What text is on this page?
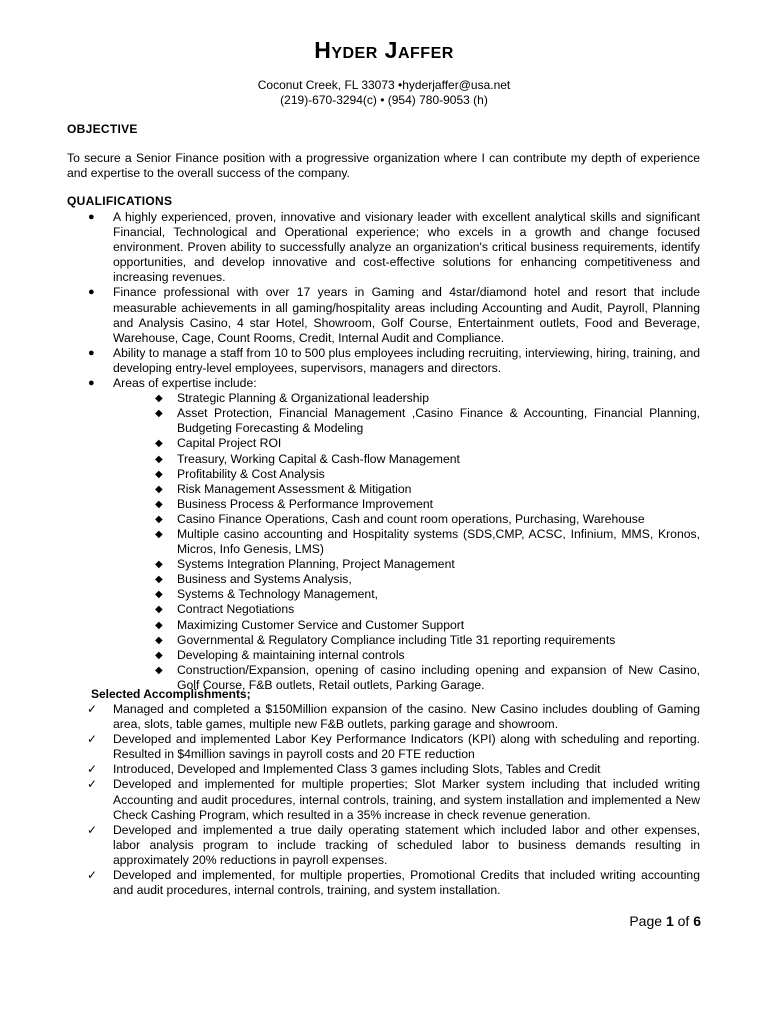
Hyder Jaffer
Coconut Creek, FL 33073 •hyderjaffer@usa.net
(219)-670-3294(c) • (954) 780-9053 (h)
OBJECTIVE
To secure a Senior Finance position with a progressive organization where I can contribute my depth of experience and expertise to the overall success of the company.
QUALIFICATIONS
● A highly experienced, proven, innovative and visionary leader with excellent analytical skills and significant Financial, Technological and Operational experience; who excels in a growth and change focused environment. Proven ability to successfully analyze an organization's critical business requirements, identify opportunities, and develop innovative and cost-effective solutions for enhancing competitiveness and increasing revenues.
● Finance professional with over 17 years in Gaming and 4star/diamond hotel and resort that include measurable achievements in all gaming/hospitality areas including Accounting and Audit, Payroll, Planning and Analysis Casino, 4 star Hotel, Showroom, Golf Course, Entertainment outlets, Food and Beverage, Warehouse, Cage, Count Rooms, Credit, Internal Audit and Compliance.
● Ability to manage a staff from 10 to 500 plus employees including recruiting, interviewing, hiring, training, and developing entry-level employees, supervisors, managers and directors.
● Areas of expertise include:
◆ Strategic Planning & Organizational leadership
◆ Asset Protection, Financial Management ,Casino Finance & Accounting, Financial Planning, Budgeting Forecasting & Modeling
◆ Capital Project ROI
◆ Treasury, Working Capital & Cash-flow Management
◆ Profitability & Cost Analysis
◆ Risk Management Assessment & Mitigation
◆ Business Process & Performance Improvement
◆ Casino Finance Operations, Cash and count room operations, Purchasing, Warehouse
◆ Multiple casino accounting and Hospitality systems (SDS,CMP, ACSC, Infinium, MMS, Kronos, Micros, Info Genesis, LMS)
◆ Systems Integration Planning, Project Management
◆ Business and Systems Analysis,
◆ Systems & Technology Management,
◆ Contract Negotiations
◆ Maximizing Customer Service and Customer Support
◆ Governmental & Regulatory Compliance including Title 31 reporting requirements
◆ Developing & maintaining internal controls
◆ Construction/Expansion, opening of casino including opening and expansion of New Casino, Golf Course, F&B outlets, Retail outlets, Parking Garage.
Selected Accomplishments;
✓ Managed and completed a $150Million expansion of the casino. New Casino includes doubling of Gaming area, slots, table games, multiple new F&B outlets, parking garage and showroom.
✓ Developed and implemented Labor Key Performance Indicators (KPI) along with scheduling and reporting. Resulted in $4million savings in payroll costs and 20 FTE reduction
✓ Introduced, Developed and Implemented Class 3 games including Slots, Tables and Credit
✓ Developed and implemented for multiple properties; Slot Marker system including that included writing Accounting and audit procedures, internal controls, training, and system installation and implemented a New Check Cashing Program, which resulted in a 35% increase in check revenue generation.
✓ Developed and implemented a true daily operating statement which included labor and other expenses, labor analysis program to include tracking of scheduled labor to business demands resulting in approximately 20% reductions in payroll expenses.
✓ Developed and implemented, for multiple properties, Promotional Credits that included writing accounting and audit procedures, internal controls, training, and system installation.
Page 1 of 6
